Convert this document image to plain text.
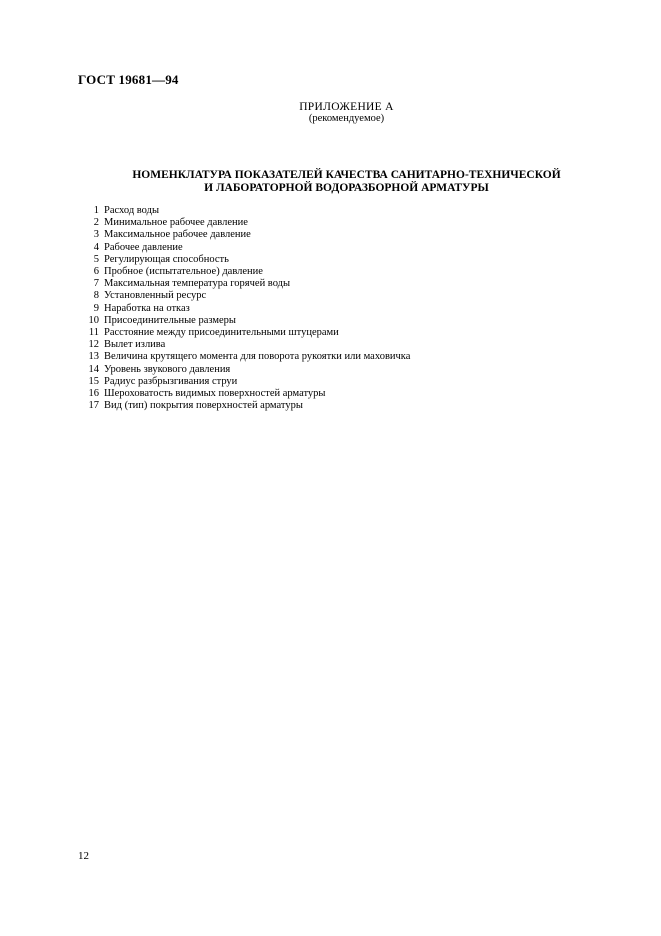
ГОСТ 19681—94
ПРИЛОЖЕНИЕ А
(рекомендуемое)
НОМЕНКЛАТУРА ПОКАЗАТЕЛЕЙ КАЧЕСТВА САНИТАРНО-ТЕХНИЧЕСКОЙ
И ЛАБОРАТОРНОЙ ВОДОРАЗБОРНОЙ АРМАТУРЫ
1 Расход воды
2 Минимальное рабочее давление
3 Максимальное рабочее давление
4 Рабочее давление
5 Регулирующая способность
6 Пробное (испытательное) давление
7 Максимальная температура горячей воды
8 Установленный ресурс
9 Наработка на отказ
10 Присоединительные размеры
11 Расстояние между присоединительными штуцерами
12 Вылет излива
13 Величина крутящего момента для поворота рукоятки или маховичка
14 Уровень звукового давления
15 Радиус разбрызгивания струи
16 Шероховатость видимых поверхностей арматуры
17 Вид (тип) покрытия поверхностей арматуры
12
